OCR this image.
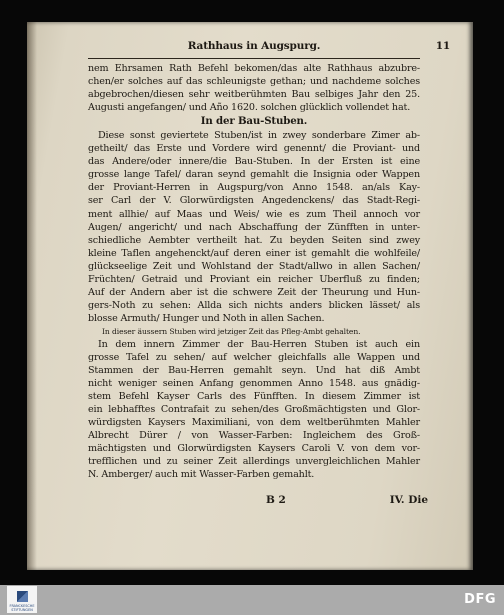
Rathhaus in Augspurg.	11
nem Ehrsamen Rath Befehl bekomen/das alte Rathhaus abzubre-
chen/er solches auf das schleunigste gethan; und nachdeme solches
abgebrochen/diesen sehr weitberühmten Bau selbiges Jahr den 25.
Augusti angefangen/ und Año 1620. solchen glücklich vollendet hat.
In der Bau-Stuben.
Diese sonst geviertete Stuben/ist in zwey sonderbare Zimer ab-
getheilt/ das Erste und Vordere wird genennt/ die Proviant- und
das Andere/oder innere/die Bau-Stuben. In der Ersten ist eine
grosse lange Tafel/ daran seynd gemahlt die Insignia oder Wappen
der Proviant-Herren in Augspurg/von Anno 1548. an/als Kay-
ser Carl der V. Glorwürdigsten Angedenckens/ das Stadt-Regi-
ment allhie/ auf Maas und Weis/ wie es zum Theil annoch vor
Augen/ angericht/ und nach Abschaffung der Zünfften in unter-
schiedliche Aembter vertheilt hat. Zu beyden Seiten sind zwey
kleine Taflen angehenckt/auf deren einer ist gemahlt die wohlfeile/
glückseelige Zeit und Wohlstand der Stadt/allwo in allen Sachen/
Früchten/ Getraid und Proviant ein reicher Uberfluß zu finden;
Auf der Andern aber ist die schwere Zeit der Theurung und Hun-
gers-Noth zu sehen: Allda sich nichts anders blicken lässet/ als
blosse Armuth/ Hunger und Noth in allen Sachen.
In dieser äussern Stuben wird jetziger Zeit das Pfleg-Ambt gehalten.
In dem innern Zimmer der Bau-Herren Stuben ist auch ein
grosse Tafel zu sehen/ auf welcher gleichfalls alle Wappen und
Stammen der Bau-Herren gemahlt seyn. Und hat diß Ambt
nicht weniger seinen Anfang genommen Anno 1548. aus gnädig-
stem Befehl Kayser Carls des Fünfften. In diesem Zimmer ist
ein lebhafftes Contrafait zu sehen/des Großmächtigsten und Glor-
würdigsten Kaysers Maximiliani, von dem weltberühmten Mahler
Albrecht Dürer / von Wasser-Farben: Ingleichem des Groß-
mächtigsten und Glorwürdigsten Kaysers Caroli V. von dem vor-
trefflichen und zu seiner Zeit allerdings unvergleichlichen Mahler
N. Amberger/ auch mit Wasser-Farben gemahlt.
B 2	IV. Die
FRANCKESCHE STIFTUNGEN
DFG
